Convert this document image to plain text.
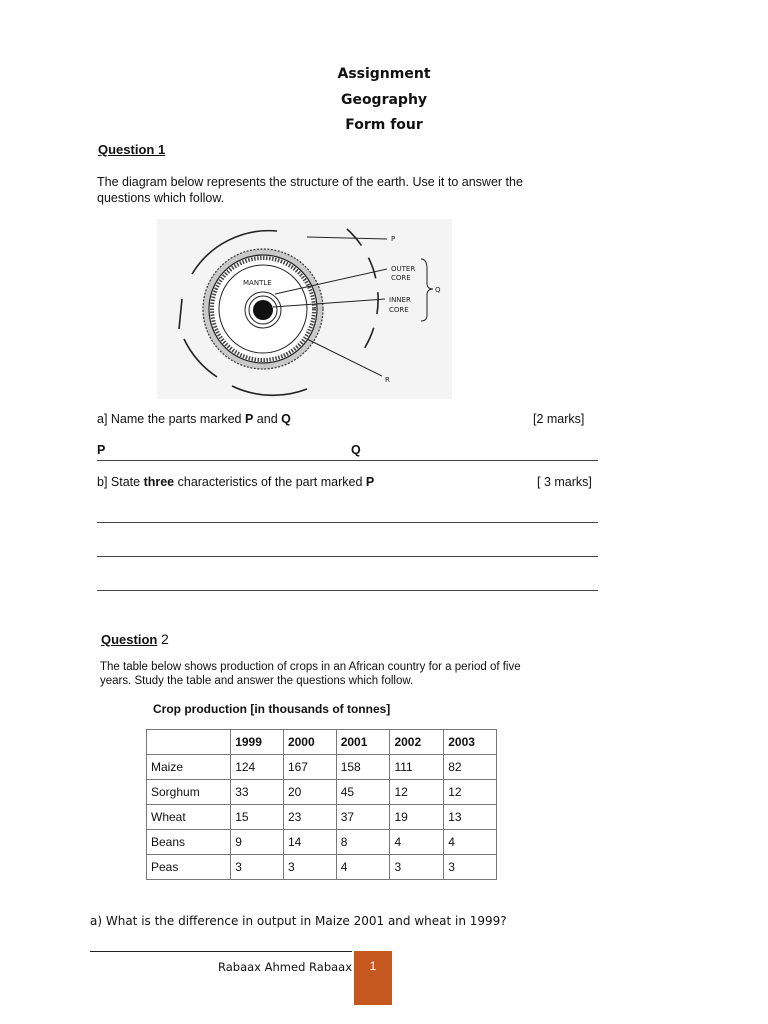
Assignment
Geography
Form four
Question 1
The diagram below represents the structure of the earth. Use it to answer the questions which follow.
P
MANTLE
OUTER
CORE
INNER
CORE
Q
R
a] Name the parts marked P and Q	[2 marks]
P	Q
b] State three characteristics of the part marked P	[ 3 marks]
Question 2
The table below shows production of crops in an African country for a period of five years. Study the table and answer the questions which follow.
Crop production [in thousands of tonnes]
	1999	2000	2001	2002	2003
Maize	124	167	158	111	82
Sorghum	33	20	45	12	12
Wheat	15	23	37	19	13
Beans	9	14	8	4	4
Peas	3	3	4	3	3
a) What is the difference in output in Maize 2001 and wheat in 1999?
Rabaax Ahmed Rabaax	1
